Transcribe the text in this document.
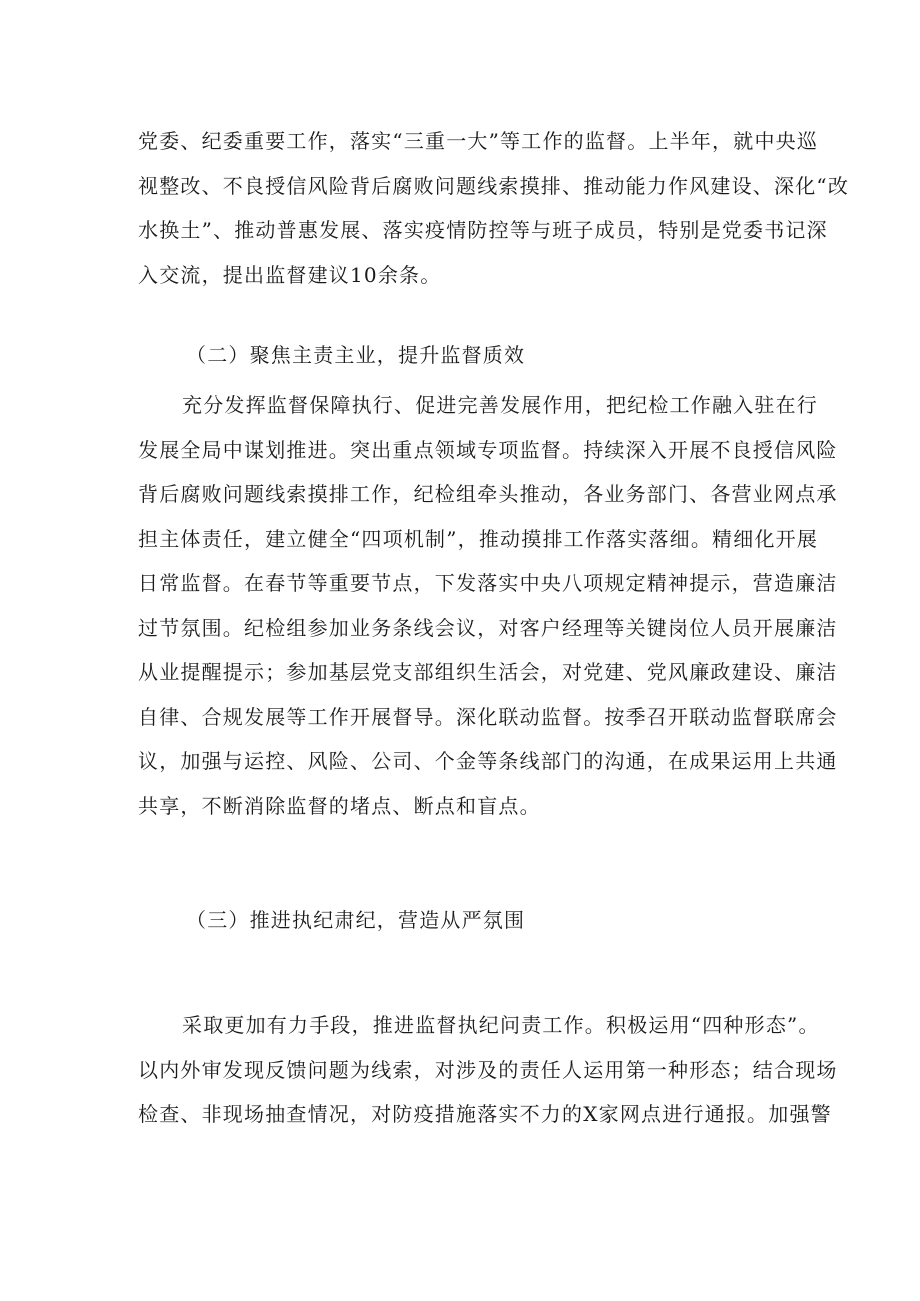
党委、纪委重要工作，落实“三重一大”等工作的监督。上半年，就中央巡
视整改、不良授信风险背后腐败问题线索摸排、推动能力作风建设、深化“改
水换土”、推动普惠发展、落实疫情防控等与班子成员，特别是党委书记深
入交流，提出监督建议10余条。

（二）聚焦主责主业，提升监督质效

充分发挥监督保障执行、促进完善发展作用，把纪检工作融入驻在行
发展全局中谋划推进。突出重点领域专项监督。持续深入开展不良授信风险
背后腐败问题线索摸排工作，纪检组牵头推动，各业务部门、各营业网点承
担主体责任，建立健全“四项机制”，推动摸排工作落实落细。精细化开展
日常监督。在春节等重要节点，下发落实中央八项规定精神提示，营造廉洁
过节氛围。纪检组参加业务条线会议，对客户经理等关键岗位人员开展廉洁
从业提醒提示；参加基层党支部组织生活会，对党建、党风廉政建设、廉洁
自律、合规发展等工作开展督导。深化联动监督。按季召开联动监督联席会
议，加强与运控、风险、公司、个金等条线部门的沟通，在成果运用上共通
共享，不断消除监督的堵点、断点和盲点。

（三）推进执纪肃纪，营造从严氛围

采取更加有力手段，推进监督执纪问责工作。积极运用“四种形态”。
以内外审发现反馈问题为线索，对涉及的责任人运用第一种形态；结合现场
检查、非现场抽查情况，对防疫措施落实不力的X家网点进行通报。加强警
